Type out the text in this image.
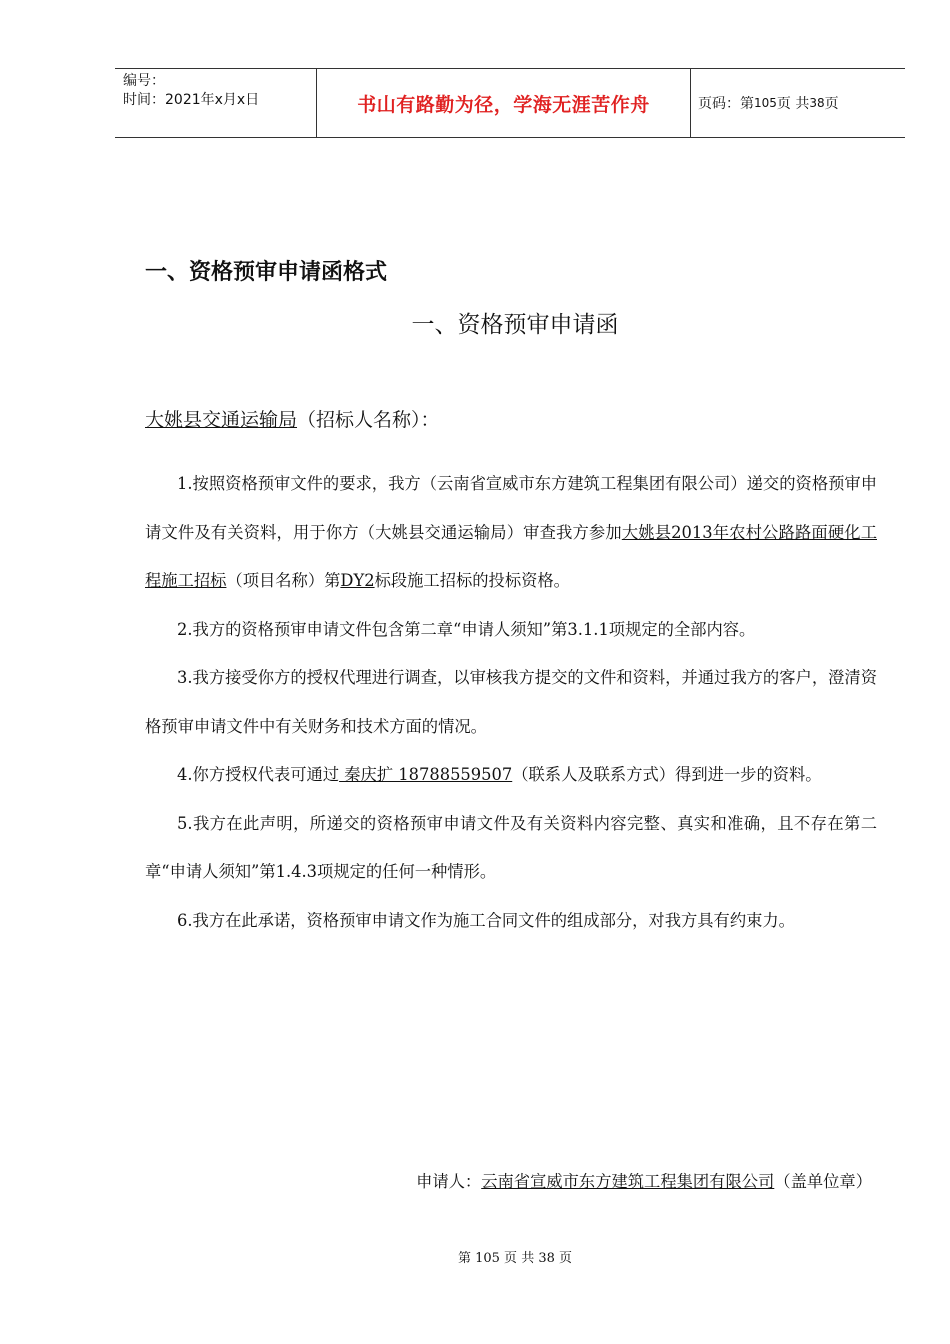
编号：
时间：2021年x月x日	书山有路勤为径，学海无涯苦作舟	页码：第 105 页 共 38 页
一、资格预审申请函格式
一、资格预审申请函
大姚县交通运输局（招标人名称）：

1.按照资格预审文件的要求，我方（云南省宣威市东方建筑工程集团有限公司）递交的资格预审申请文件及有关资料，用于你方（大姚县交通运输局）审查我方参加大姚县2013年农村公路路面硬化工程施工招标（项目名称）第DY2标段施工招标的投标资格。

2.我方的资格预审申请文件包含第二章“申请人须知”第3.1.1项规定的全部内容。

3.我方接受你方的授权代理进行调查，以审核我方提交的文件和资料，并通过我方的客户，澄清资格预审申请文件中有关财务和技术方面的情况。

4.你方授权代表可通过 秦庆扩 18788559507（联系人及联系方式）得到进一步的资料。

5.我方在此声明，所递交的资格预审申请文件及有关资料内容完整、真实和准确，且不存在第二章“申请人须知”第1.4.3项规定的任何一种情形。

6.我方在此承诺，资格预审申请文作为施工合同文件的组成部分，对我方具有约束力。

申请人：云南省宣威市东方建筑工程集团有限公司（盖单位章）
第 105 页 共 38 页
